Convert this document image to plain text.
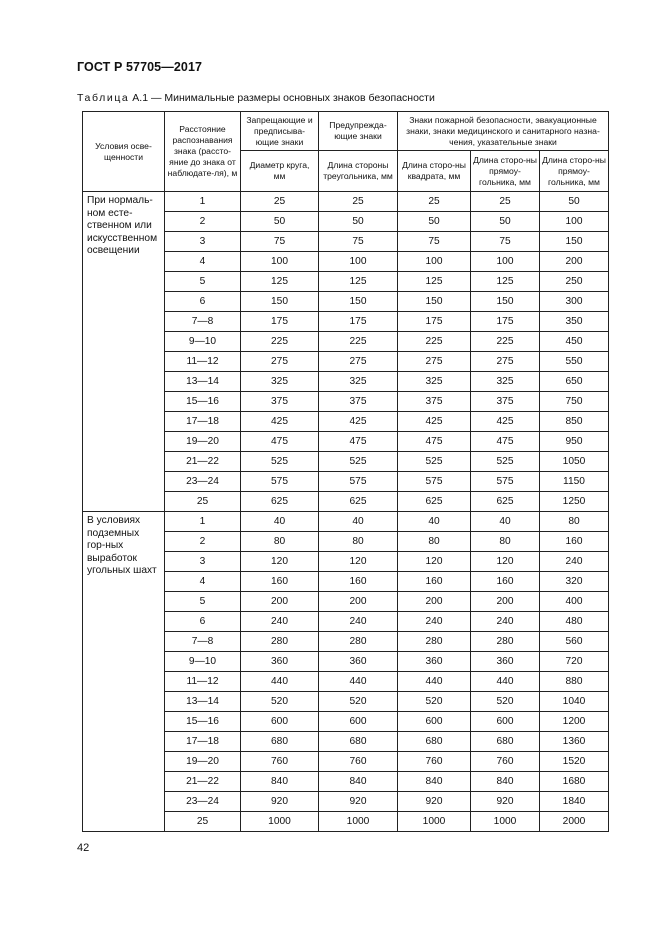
ГОСТ Р 57705—2017
Таблица А.1 — Минимальные размеры основных знаков безопасности
Условия осве-щенности	Расстояние распознавания знака (рассто-яние до знака от наблюдате-ля), м	Запрещающие и предписыва-ющие знаки	Предупрежда-ющие знаки	Знаки пожарной безопасности, эвакуационные знаки, знаки медицинского и санитарного назна-чения, указательные знаки		
		Диаметр круга, мм	Длина стороны треугольника, мм	Длина сторо-ны квадрата, мм	Длина сторо-ны прямоу-гольника, мм	Длина сторо-ны прямоу-гольника, мм
При нормаль-ном есте-ственном или искусственном освещении	1	25	25	25	25	50
	2	50	50	50	50	100
	3	75	75	75	75	150
	4	100	100	100	100	200
	5	125	125	125	125	250
	6	150	150	150	150	300
	7—8	175	175	175	175	350
	9—10	225	225	225	225	450
	11—12	275	275	275	275	550
	13—14	325	325	325	325	650
	15—16	375	375	375	375	750
	17—18	425	425	425	425	850
	19—20	475	475	475	475	950
	21—22	525	525	525	525	1050
	23—24	575	575	575	575	1150
	25	625	625	625	625	1250
В условиях подземных гор-ных выработок угольных шахт	1	40	40	40	40	80
	2	80	80	80	80	160
	3	120	120	120	120	240
	4	160	160	160	160	320
	5	200	200	200	200	400
	6	240	240	240	240	480
	7—8	280	280	280	280	560
	9—10	360	360	360	360	720
	11—12	440	440	440	440	880
	13—14	520	520	520	520	1040
	15—16	600	600	600	600	1200
	17—18	680	680	680	680	1360
	19—20	760	760	760	760	1520
	21—22	840	840	840	840	1680
	23—24	920	920	920	920	1840
	25	1000	1000	1000	1000	2000
42
